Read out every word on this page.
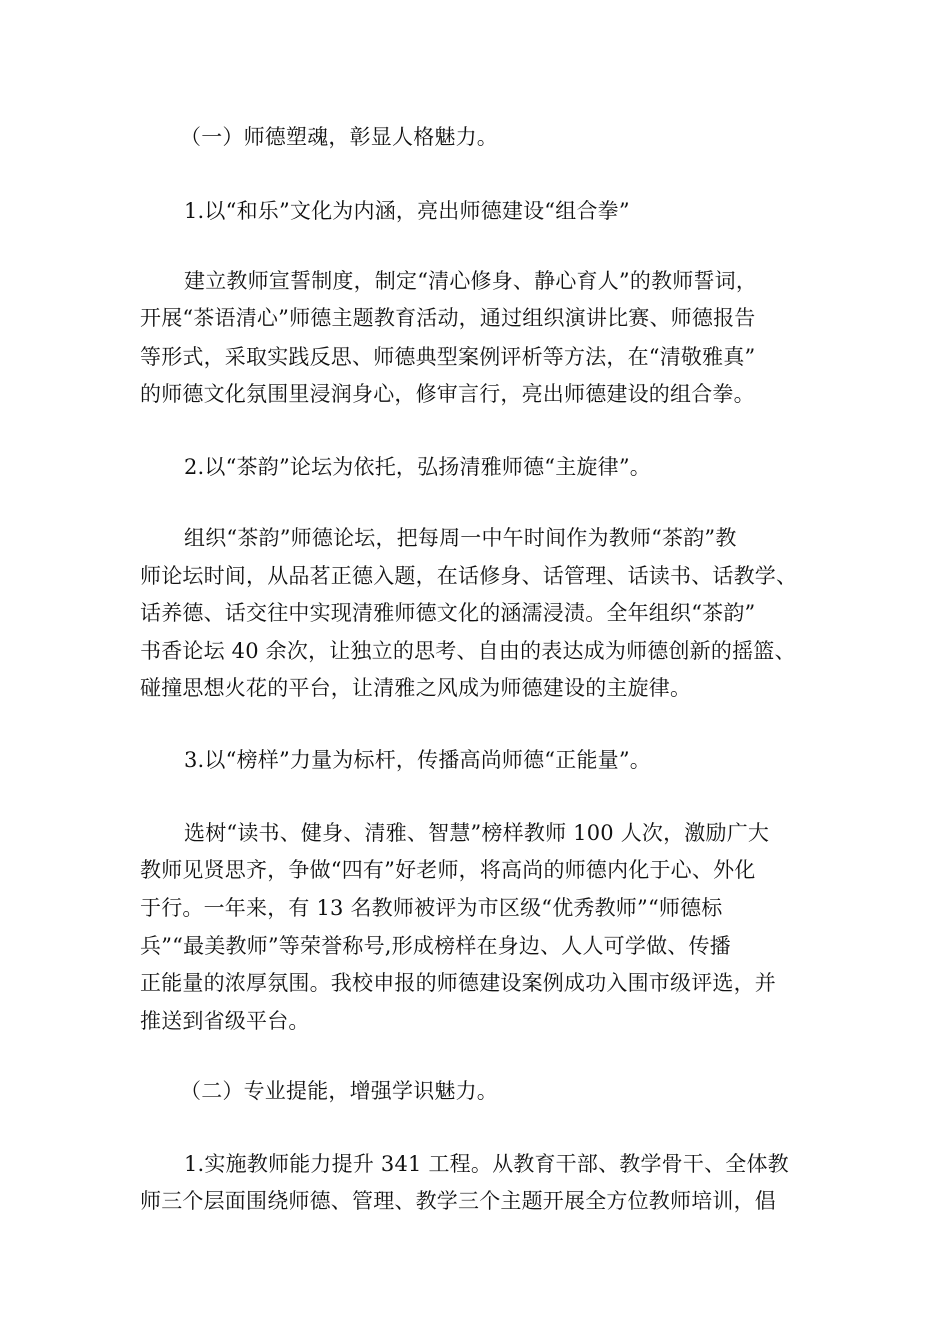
（一）师德塑魂，彰显人格魅力。
1.以“和乐”文化为内涵，亮出师德建设“组合拳”
建立教师宣誓制度，制定“清心修身、静心育人”的教师誓词，
开展“茶语清心”师德主题教育活动，通过组织演讲比赛、师德报告
等形式，采取实践反思、师德典型案例评析等方法，在“清敬雅真”
的师德文化氛围里浸润身心，修审言行，亮出师德建设的组合拳。
2.以“茶韵”论坛为依托，弘扬清雅师德“主旋律”。
组织“茶韵”师德论坛，把每周一中午时间作为教师“茶韵”教
师论坛时间，从品茗正德入题，在话修身、话管理、话读书、话教学、
话养德、话交往中实现清雅师德文化的涵濡浸渍。全年组织“茶韵”
书香论坛 40 余次，让独立的思考、自由的表达成为师德创新的摇篮、
碰撞思想火花的平台，让清雅之风成为师德建设的主旋律。
3.以“榜样”力量为标杆，传播高尚师德“正能量”。
选树“读书、健身、清雅、智慧”榜样教师 100 人次，激励广大
教师见贤思齐，争做“四有”好老师，将高尚的师德内化于心、外化
于行。一年来，有 13 名教师被评为市区级“优秀教师”“师德标
兵”“最美教师”等荣誉称号,形成榜样在身边、人人可学做、传播
正能量的浓厚氛围。我校申报的师德建设案例成功入围市级评选，并
推送到省级平台。
（二）专业提能，增强学识魅力。
1.实施教师能力提升 341 工程。从教育干部、教学骨干、全体教
师三个层面围绕师德、管理、教学三个主题开展全方位教师培训，倡
